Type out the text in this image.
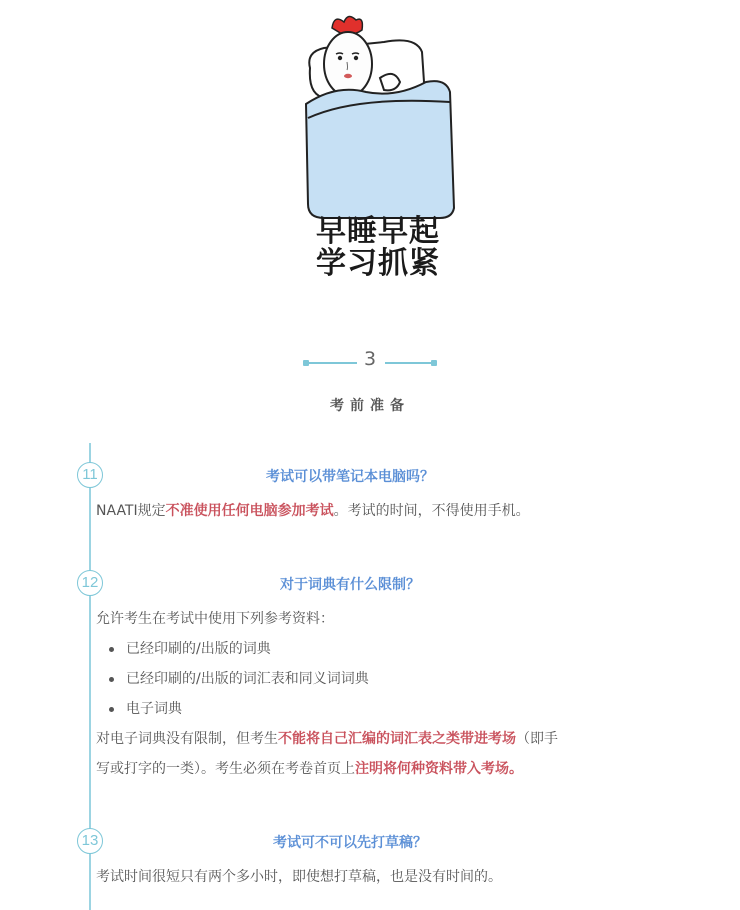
早睡早起
学习抓紧
3
考前准备
11	考试可以带笔记本电脑吗？
NAATI规定不准使用任何电脑参加考试。考试的时间，不得使用手机。
12	对于词典有什么限制？
允许考生在考试中使用下列参考资料：
已经印刷的/出版的词典
已经印刷的/出版的词汇表和同义词词典
电子词典
对电子词典没有限制，但考生不能将自己汇编的词汇表之类带进考场（即手
写或打字的一类）。考生必须在考卷首页上注明将何种资料带入考场。
13	考试可不可以先打草稿？
考试时间很短只有两个多小时，即使想打草稿，也是没有时间的。
